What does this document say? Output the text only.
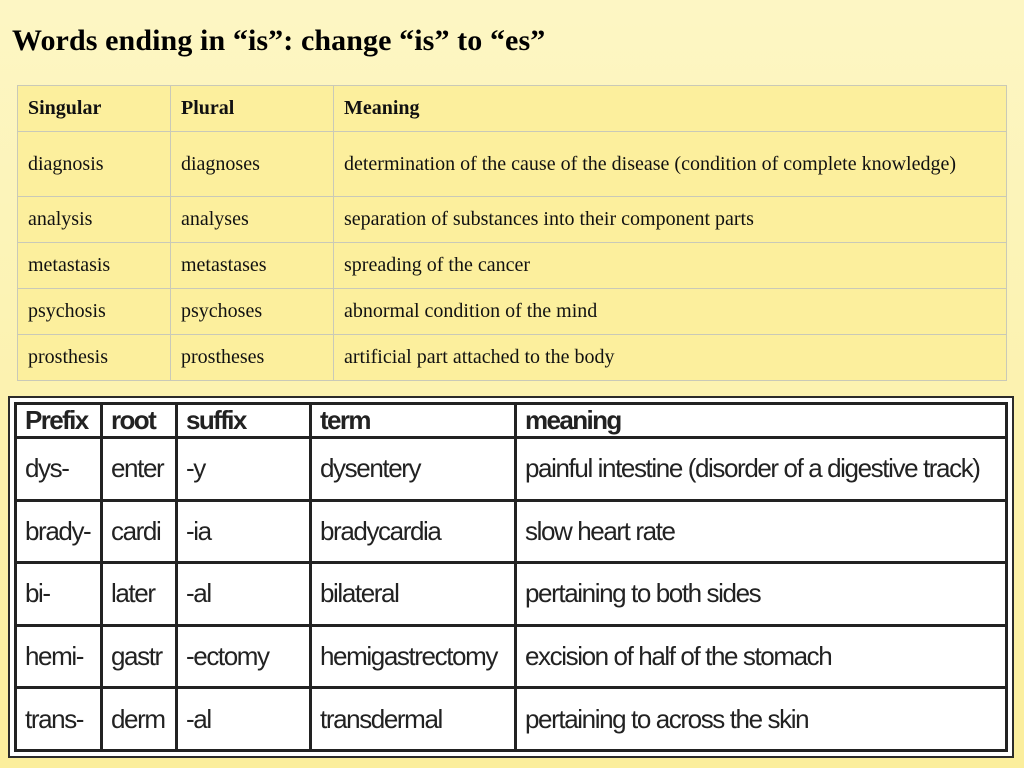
Words ending in “is”: change “is” to “es”
Singular	Plural	Meaning
diagnosis	diagnoses	determination of the cause of the disease (condition of complete knowledge)
analysis	analyses	separation of substances into their component parts
metastasis	metastases	spreading of the cancer
psychosis	psychoses	abnormal condition of the mind
prosthesis	prostheses	artificial part attached to the body
Prefix	root	suffix	term	meaning
dys-	enter	-y	dysentery	painful intestine (disorder of a digestive track)
brady-	cardi	-ia	bradycardia	slow heart rate
bi-	later	-al	bilateral	pertaining to both sides
hemi-	gastr	-ectomy	hemigastrectomy	excision of half of the stomach
trans-	derm	-al	transdermal	pertaining to across the skin
